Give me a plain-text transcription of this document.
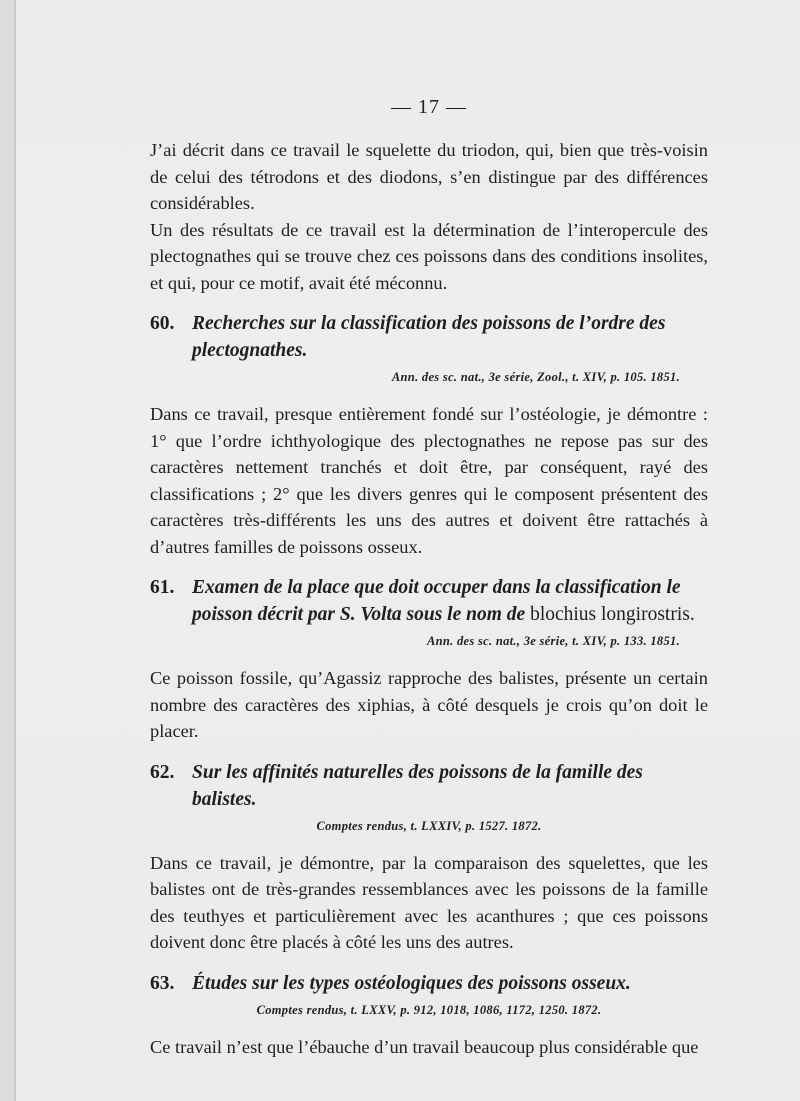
— 17 —

J’ai décrit dans ce travail le squelette du triodon, qui, bien que très-voisin de celui des tétrodons et des diodons, s’en distingue par des différences considérables.

Un des résultats de ce travail est la détermination de l’interopercule des plectognathes qui se trouve chez ces poissons dans des conditions insolites, et qui, pour ce motif, avait été méconnu.

60. Recherches sur la classification des poissons de l’ordre des plectognathes.
Ann. des sc. nat., 3e série, Zool., t. XIV, p. 105. 1851.

Dans ce travail, presque entièrement fondé sur l’ostéologie, je démontre : 1° que l’ordre ichthyologique des plectognathes ne repose pas sur des caractères nettement tranchés et doit être, par conséquent, rayé des classifications ; 2° que les divers genres qui le composent présentent des caractères très-différents les uns des autres et doivent être rattachés à d’autres familles de poissons osseux.

61. Examen de la place que doit occuper dans la classification le poisson décrit par S. Volta sous le nom de blochius longirostris.
Ann. des sc. nat., 3e série, t. XIV, p. 133. 1851.

Ce poisson fossile, qu’Agassiz rapproche des balistes, présente un certain nombre des caractères des xiphias, à côté desquels je crois qu’on doit le placer.

62. Sur les affinités naturelles des poissons de la famille des balistes.
Comptes rendus, t. LXXIV, p. 1527. 1872.

Dans ce travail, je démontre, par la comparaison des squelettes, que les balistes ont de très-grandes ressemblances avec les poissons de la famille des teuthyes et particulièrement avec les acanthures ; que ces poissons doivent donc être placés à côté les uns des autres.

63. Études sur les types ostéologiques des poissons osseux.
Comptes rendus, t. LXXV, p. 912, 1018, 1086, 1172, 1250. 1872.

Ce travail n’est que l’ébauche d’un travail beaucoup plus considérable que
